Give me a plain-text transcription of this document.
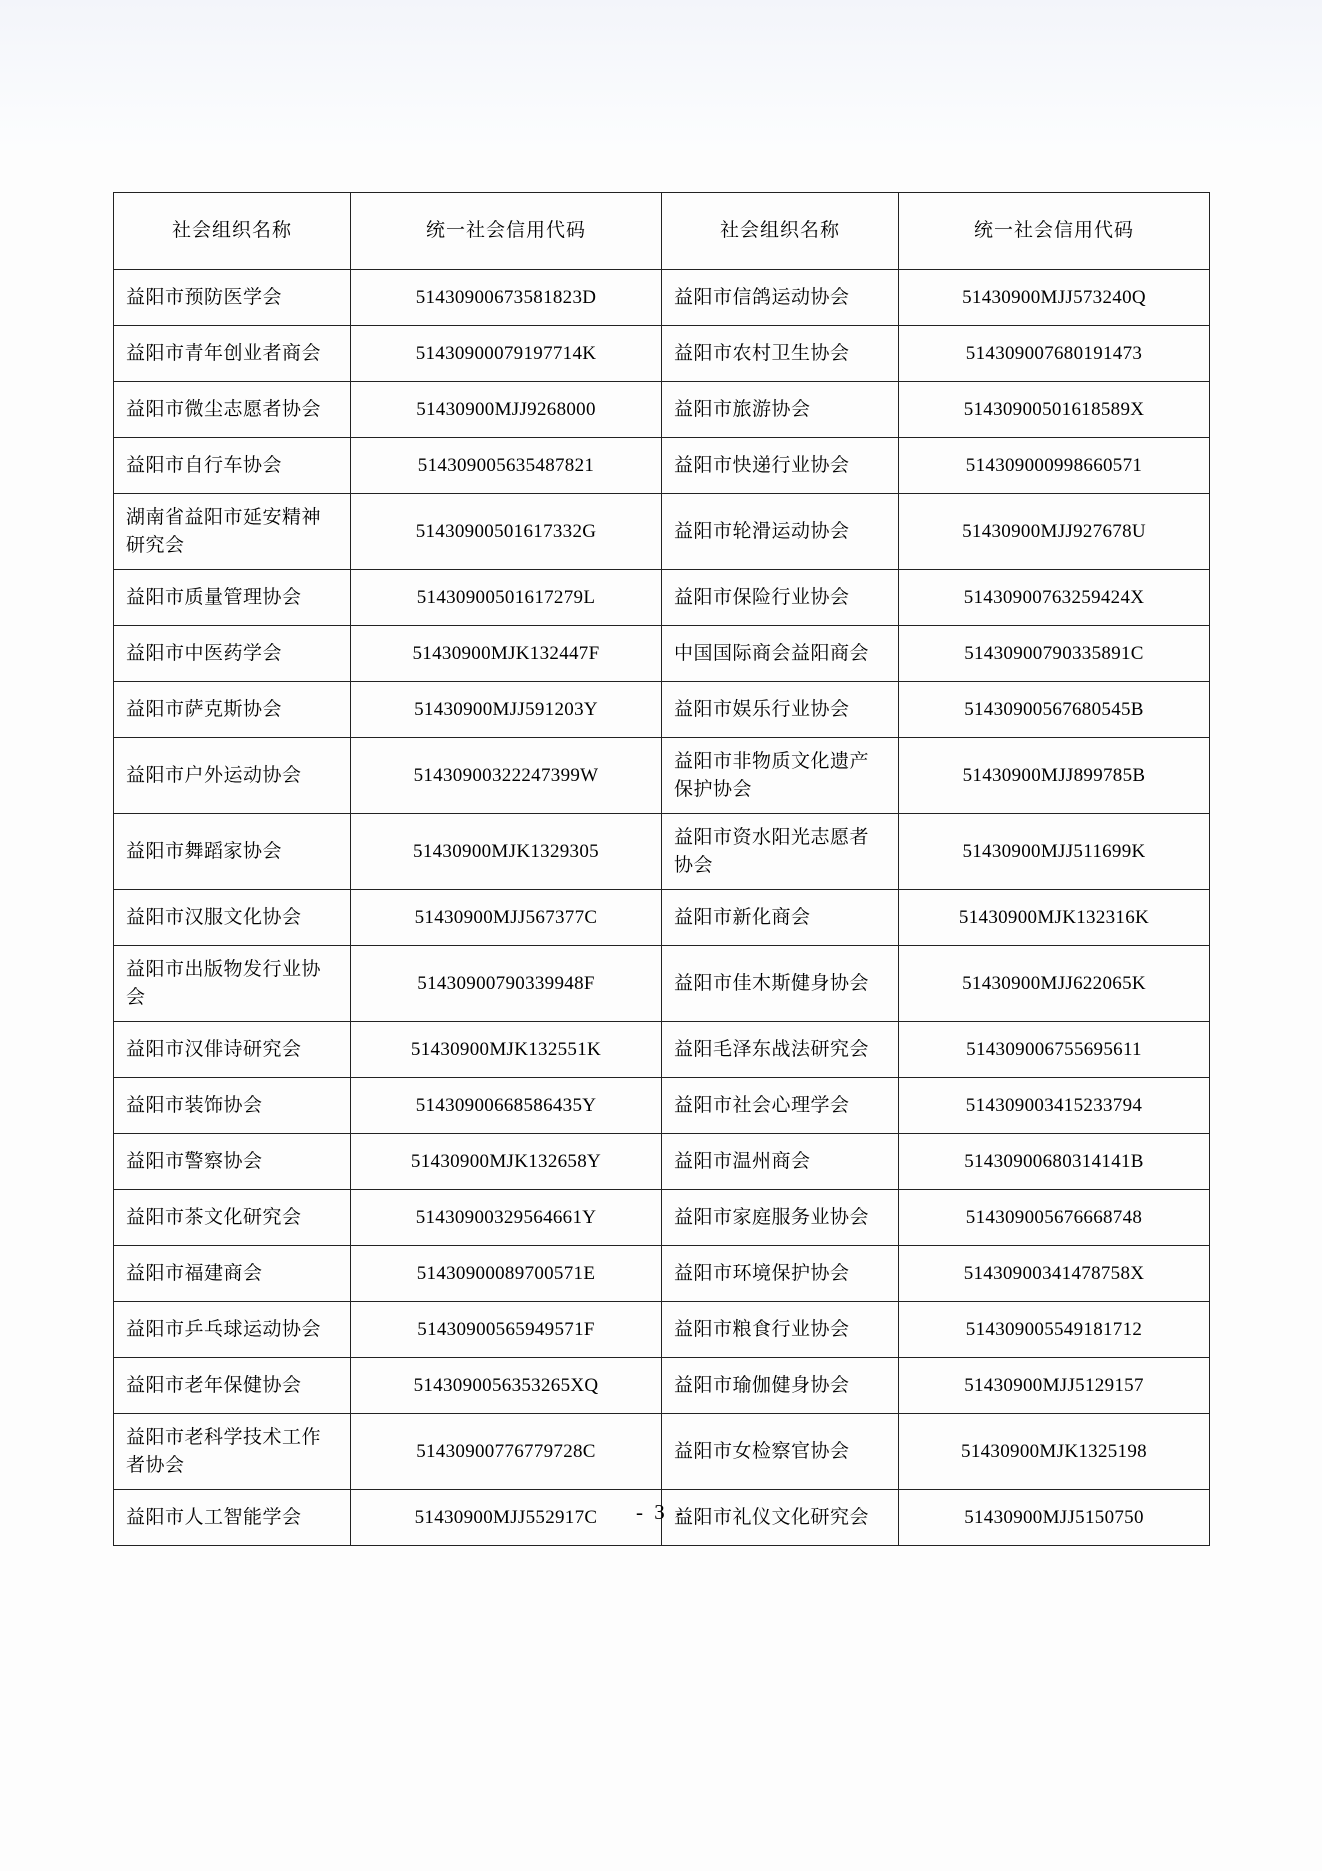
社会组织名称	统一社会信用代码	社会组织名称	统一社会信用代码
益阳市预防医学会	51430900673581823D	益阳市信鸽运动协会	51430900MJJ573240Q
益阳市青年创业者商会	51430900079197714K	益阳市农村卫生协会	514309007680191473
益阳市微尘志愿者协会	51430900MJJ9268000	益阳市旅游协会	51430900501618589X
益阳市自行车协会	514309005635487821	益阳市快递行业协会	514309000998660571
湖南省益阳市延安精神研究会	51430900501617332G	益阳市轮滑运动协会	51430900MJJ927678U
益阳市质量管理协会	51430900501617279L	益阳市保险行业协会	51430900763259424X
益阳市中医药学会	51430900MJK132447F	中国国际商会益阳商会	51430900790335891C
益阳市萨克斯协会	51430900MJJ591203Y	益阳市娱乐行业协会	51430900567680545B
益阳市户外运动协会	51430900322247399W	益阳市非物质文化遗产保护协会	51430900MJJ899785B
益阳市舞蹈家协会	51430900MJK1329305	益阳市资水阳光志愿者协会	51430900MJJ511699K
益阳市汉服文化协会	51430900MJJ567377C	益阳市新化商会	51430900MJK132316K
益阳市出版物发行业协会	51430900790339948F	益阳市佳木斯健身协会	51430900MJJ622065K
益阳市汉俳诗研究会	51430900MJK132551K	益阳毛泽东战法研究会	514309006755695611
益阳市装饰协会	51430900668586435Y	益阳市社会心理学会	514309003415233794
益阳市警察协会	51430900MJK132658Y	益阳市温州商会	51430900680314141B
益阳市茶文化研究会	51430900329564661Y	益阳市家庭服务业协会	514309005676668748
益阳市福建商会	51430900089700571E	益阳市环境保护协会	51430900341478758X
益阳市乒乓球运动协会	51430900565949571F	益阳市粮食行业协会	514309005549181712
益阳市老年保健协会	5143090056353265XQ	益阳市瑜伽健身协会	51430900MJJ5129157
益阳市老科学技术工作者协会	51430900776779728C	益阳市女检察官协会	51430900MJK1325198
益阳市人工智能学会	51430900MJJ552917C	益阳市礼仪文化研究会	51430900MJJ5150750
- 3 -
